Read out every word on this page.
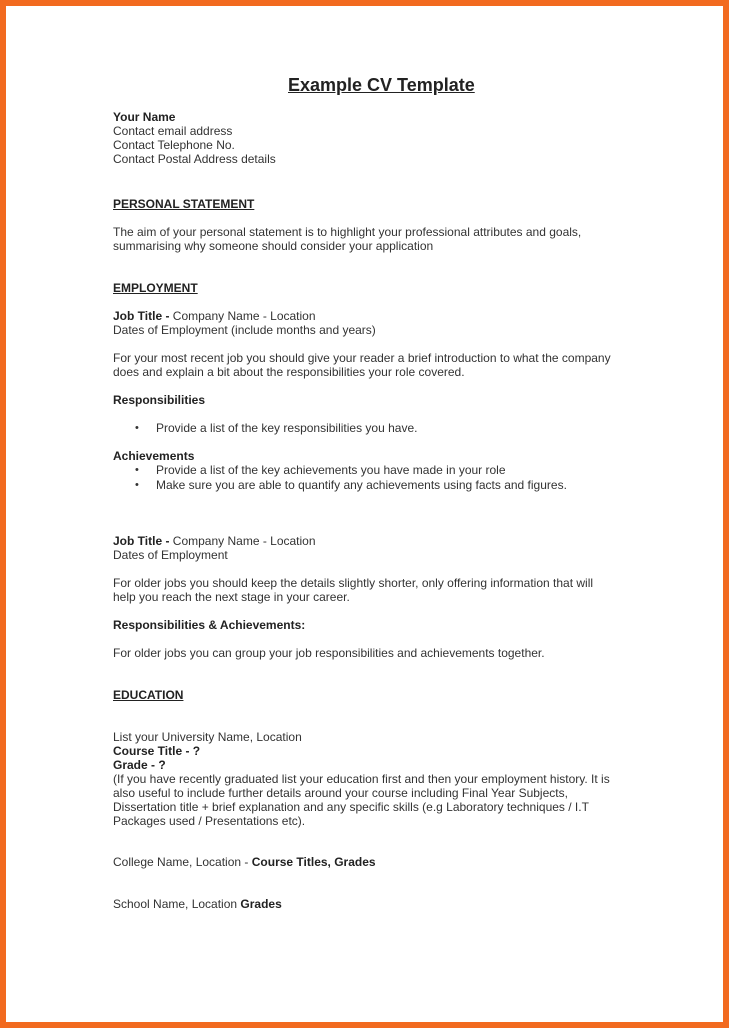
Example CV Template
Your Name
Contact email address
Contact Telephone No.
Contact Postal Address details
PERSONAL STATEMENT
The aim of your personal statement is to highlight your professional attributes and goals,
summarising why someone should consider your application
EMPLOYMENT
Job Title - Company Name - Location
Dates of Employment (include months and years)
For your most recent job you should give your reader a brief introduction to what the company
does and explain a bit about the responsibilities your role covered.
Responsibilities
• Provide a list of the key responsibilities you have.
Achievements
• Provide a list of the key achievements you have made in your role
• Make sure you are able to quantify any achievements using facts and figures.
Job Title - Company Name - Location
Dates of Employment
For older jobs you should keep the details slightly shorter, only offering information that will
help you reach the next stage in your career.
Responsibilities & Achievements:
For older jobs you can group your job responsibilities and achievements together.
EDUCATION
List your University Name, Location
Course Title - ?
Grade - ?
(If you have recently graduated list your education first and then your employment history. It is
also useful to include further details around your course including Final Year Subjects,
Dissertation title + brief explanation and any specific skills (e.g Laboratory techniques / I.T
Packages used / Presentations etc).
College Name, Location - Course Titles, Grades
School Name, Location Grades
